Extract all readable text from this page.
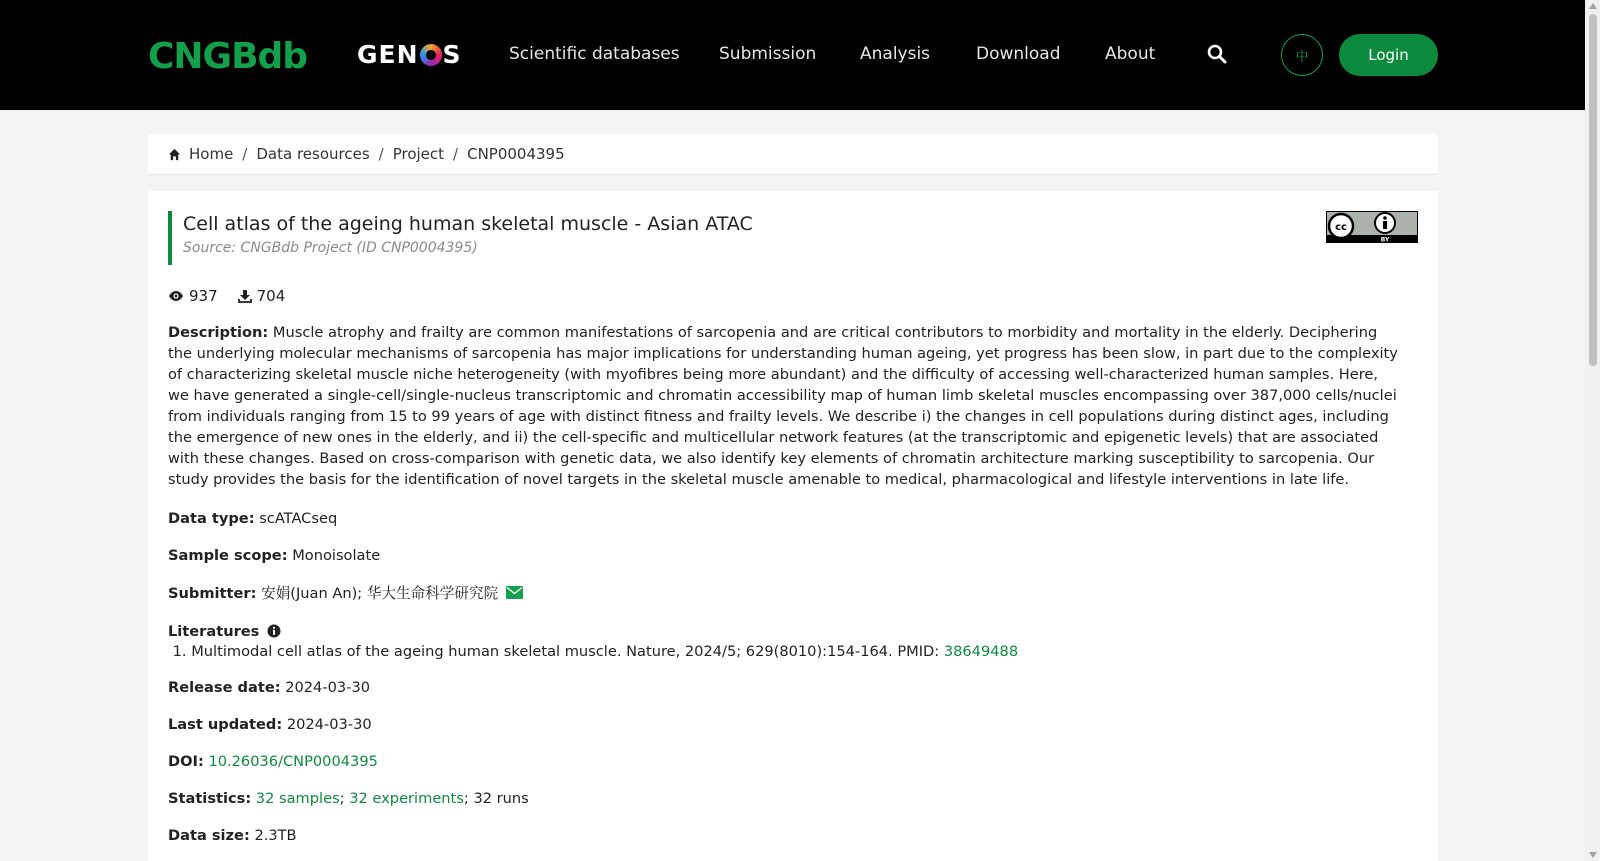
CNGBdb GEN S	Scientific databases Submission	Analysis	Download	About	中	Login
Home / Data resources / Project / CNP0004395
Cell atlas of the ageing human skeletal muscle - Asian ATAC
Source: CNGBdb Project (ID CNP0004395)
cc
BY
937	704
Description: Muscle atrophy and frailty are common manifestations of sarcopenia and are critical contributors to morbidity and mortality in the elderly. Deciphering the underlying molecular mechanisms of sarcopenia has major implications for understanding human ageing, yet progress has been slow, in part due to the complexity of characterizing skeletal muscle niche heterogeneity (with myofibres being more abundant) and the difficulty of accessing well-characterized human samples. Here, we have generated a single-cell/single-nucleus transcriptomic and chromatin accessibility map of human limb skeletal muscles encompassing over 387,000 cells/nuclei from individuals ranging from 15 to 99 years of age with distinct fitness and frailty levels. We describe i) the changes in cell populations during distinct ages, including the emergence of new ones in the elderly, and ii) the cell-specific and multicellular network features (at the transcriptomic and epigenetic levels) that are associated with these changes. Based on cross-comparison with genetic data, we also identify key elements of chromatin architecture marking susceptibility to sarcopenia. Our study provides the basis for the identification of novel targets in the skeletal muscle amenable to medical, pharmacological and lifestyle interventions in late life.
Data type: scATACseq
Sample scope: Monoisolate
Submitter: 安娟(Juan An); 华大生命科学研究院
Literatures
1. Multimodal cell atlas of the ageing human skeletal muscle. Nature, 2024/5; 629(8010):154-164. PMID: 38649488
Release date: 2024-03-30
Last updated: 2024-03-30
DOI: 10.26036/CNP0004395
Statistics: 32 samples; 32 experiments; 32 runs
Data size: 2.3TB
